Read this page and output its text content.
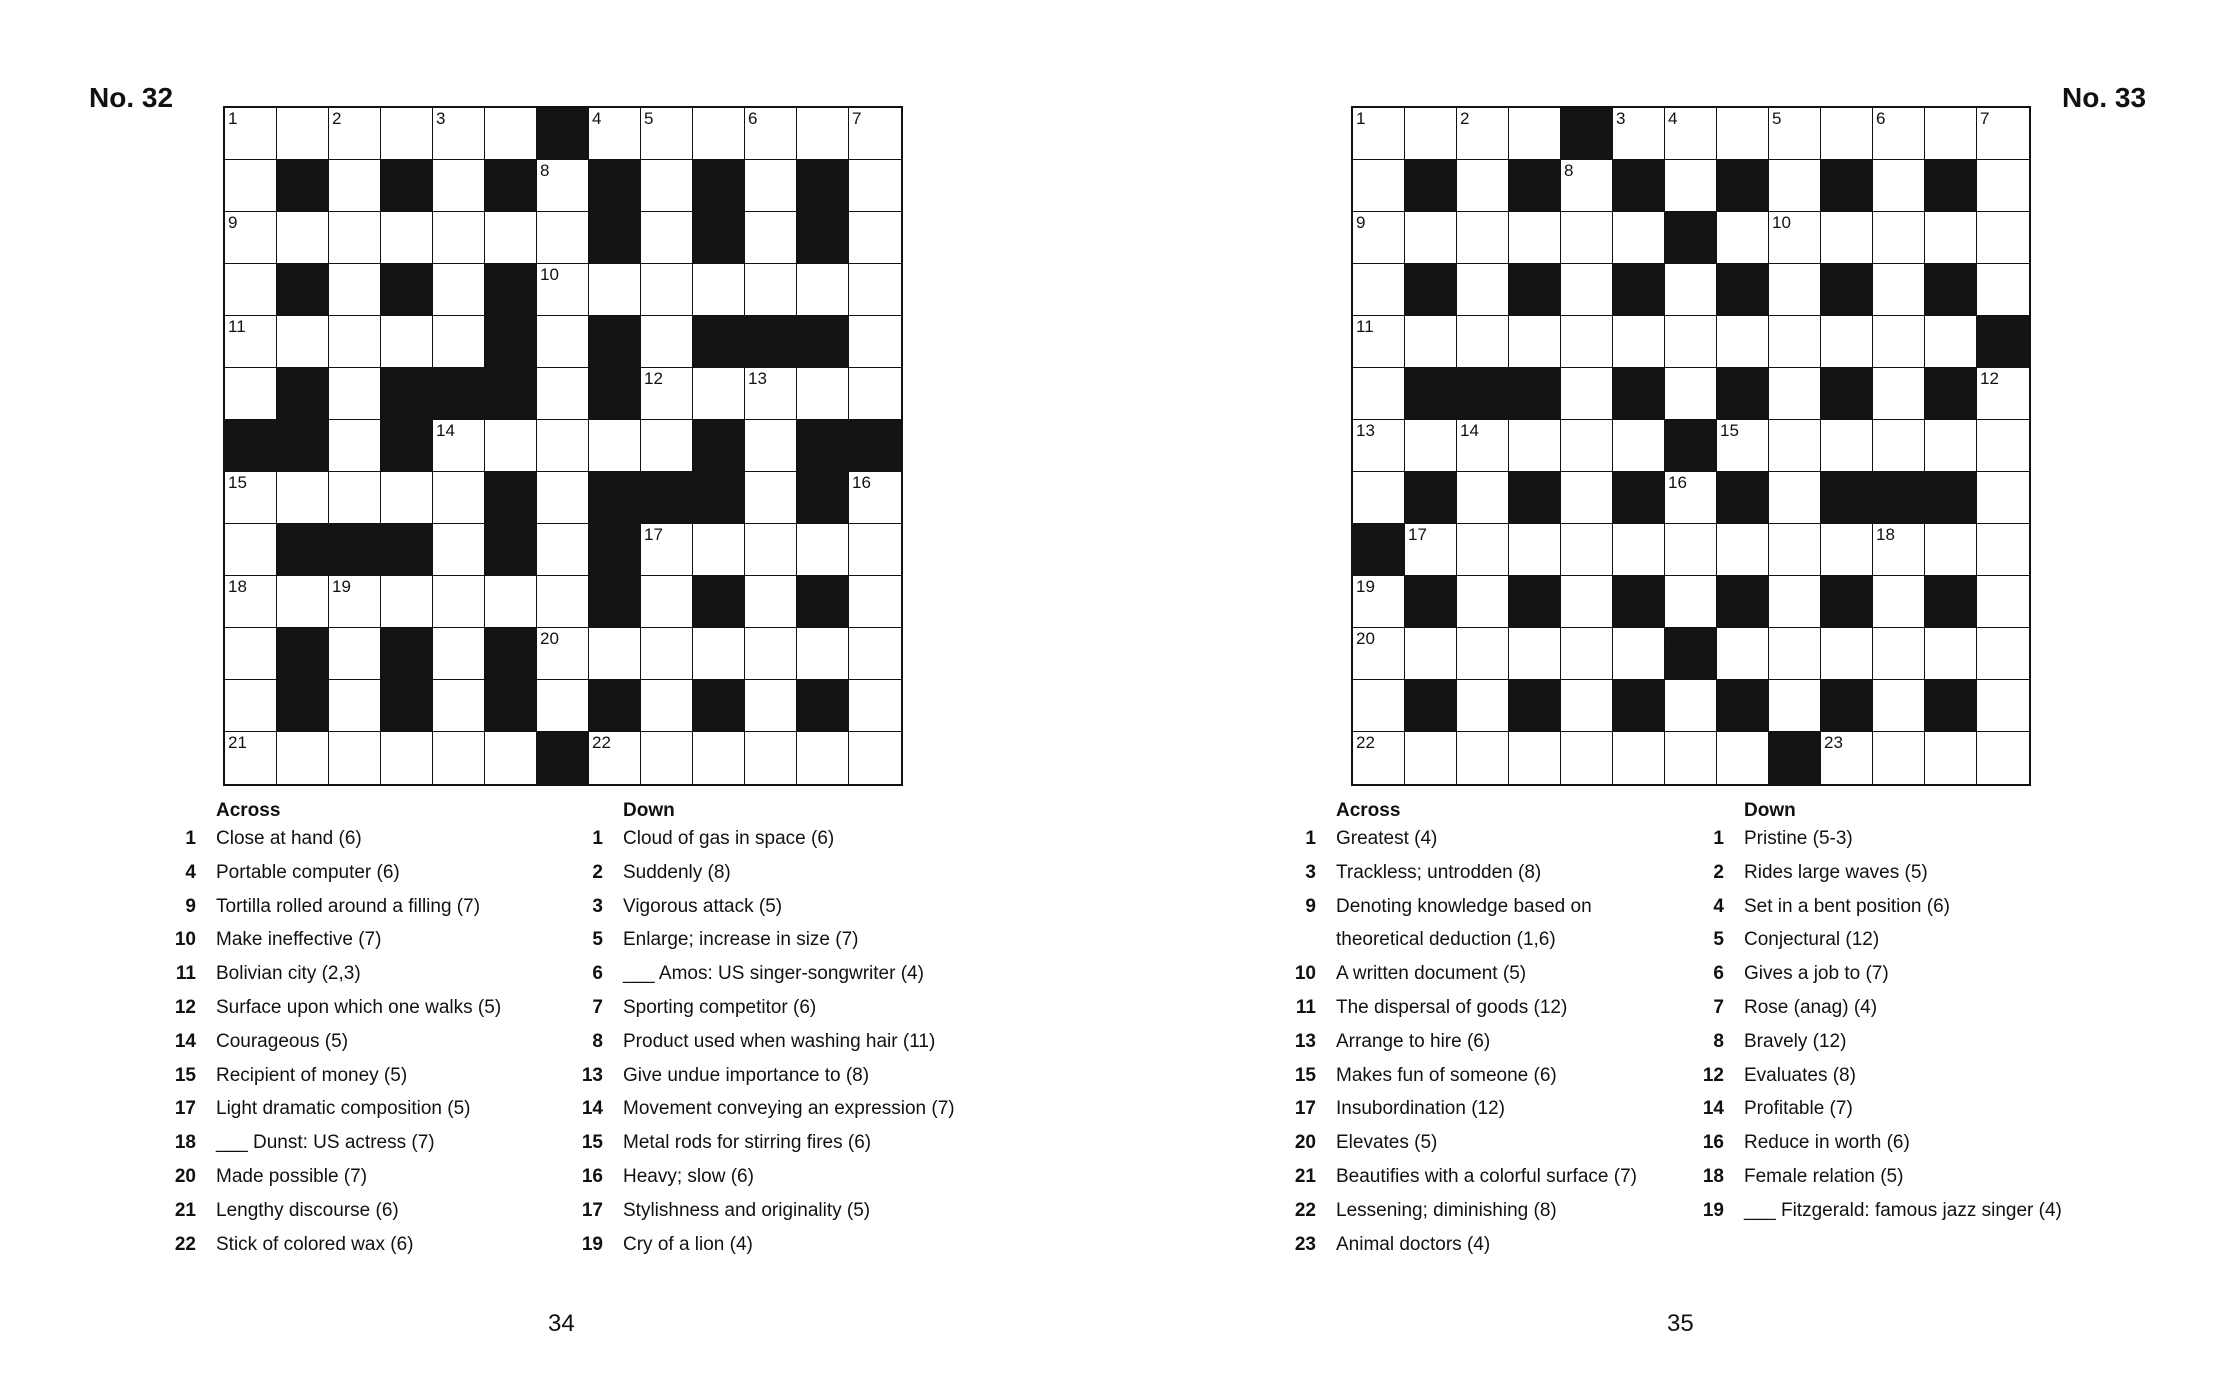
No. 32
1	2	3	4	5	6	7
8
9
10
11
12	13
14
15	16
17
18	19
20
21	22
Across
1 Close at hand (6)
4 Portable computer (6)
9 Tortilla rolled around a filling (7)
10 Make ineffective (7)
11 Bolivian city (2,3)
12 Surface upon which one walks (5)
14 Courageous (5)
15 Recipient of money (5)
17 Light dramatic composition (5)
18 ___ Dunst: US actress (7)
20 Made possible (7)
21 Lengthy discourse (6)
22 Stick of colored wax (6)
Down
1 Cloud of gas in space (6)
2 Suddenly (8)
3 Vigorous attack (5)
5 Enlarge; increase in size (7)
6 ___ Amos: US singer-songwriter (4)
7 Sporting competitor (6)
8 Product used when washing hair (11)
13 Give undue importance to (8)
14 Movement conveying an expression (7)
15 Metal rods for stirring fires (6)
16 Heavy; slow (6)
17 Stylishness and originality (5)
19 Cry of a lion (4)
34
No. 33
1	2	3	4	5	6	7
8
9	10
11
12
13	14	15
16
17	18
19
20	21
22	23
Across
1 Greatest (4)
3 Trackless; untrodden (8)
9 Denoting knowledge based on
theoretical deduction (1,6)
10 A written document (5)
11 The dispersal of goods (12)
13 Arrange to hire (6)
15 Makes fun of someone (6)
17 Insubordination (12)
20 Elevates (5)
21 Beautifies with a colorful surface (7)
22 Lessening; diminishing (8)
23 Animal doctors (4)
Down
1 Pristine (5-3)
2 Rides large waves (5)
4 Set in a bent position (6)
5 Conjectural (12)
6 Gives a job to (7)
7 Rose (anag) (4)
8 Bravely (12)
12 Evaluates (8)
14 Profitable (7)
16 Reduce in worth (6)
18 Female relation (5)
19 ___ Fitzgerald: famous jazz singer (4)
35
